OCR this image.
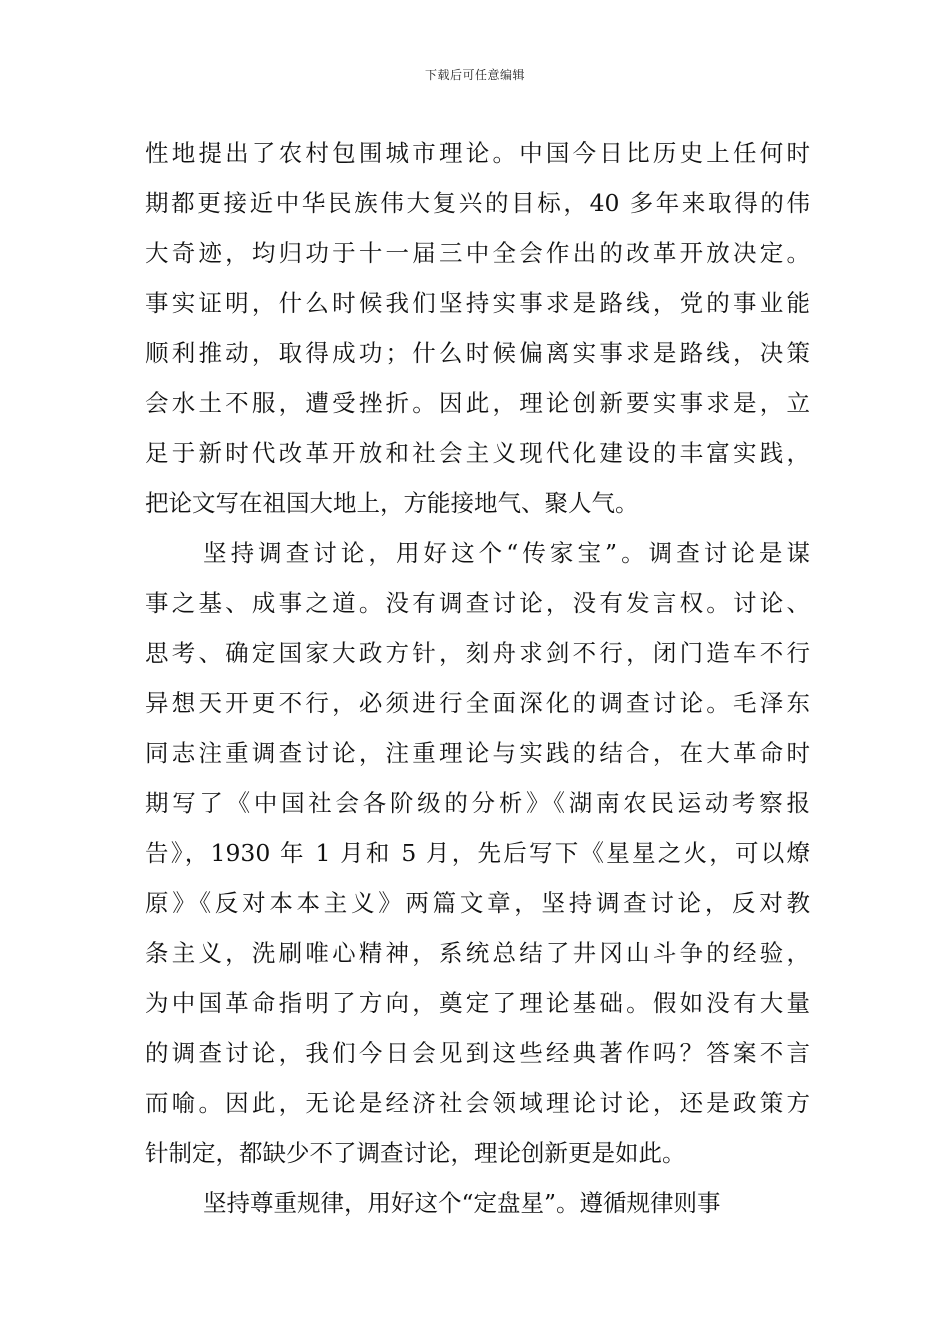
下载后可任意编辑
性地提出了农村包围城市理论。中国今日比历史上任何时
期都更接近中华民族伟大复兴的目标，40 多年来取得的伟
大奇迹，均归功于十一届三中全会作出的改革开放决定。
事实证明，什么时候我们坚持实事求是路线，党的事业能
顺利推动，取得成功；什么时候偏离实事求是路线，决策
会水土不服，遭受挫折。因此，理论创新要实事求是，立
足于新时代改革开放和社会主义现代化建设的丰富实践，
把论文写在祖国大地上，方能接地气、聚人气。
坚持调查讨论，用好这个“传家宝”。调查讨论是谋
事之基、成事之道。没有调查讨论，没有发言权。讨论、
思考、确定国家大政方针，刻舟求剑不行，闭门造车不行
异想天开更不行，必须进行全面深化的调查讨论。毛泽东
同志注重调查讨论，注重理论与实践的结合，在大革命时
期写了《中国社会各阶级的分析》《湖南农民运动考察报
告》，1930 年 1 月和 5 月，先后写下《星星之火，可以燎
原》《反对本本主义》两篇文章，坚持调查讨论，反对教
条主义，洗刷唯心精神，系统总结了井冈山斗争的经验，
为中国革命指明了方向，奠定了理论基础。假如没有大量
的调查讨论，我们今日会见到这些经典著作吗？答案不言
而喻。因此，无论是经济社会领域理论讨论，还是政策方
针制定，都缺少不了调查讨论，理论创新更是如此。
坚持尊重规律，用好这个“定盘星”。遵循规律则事
